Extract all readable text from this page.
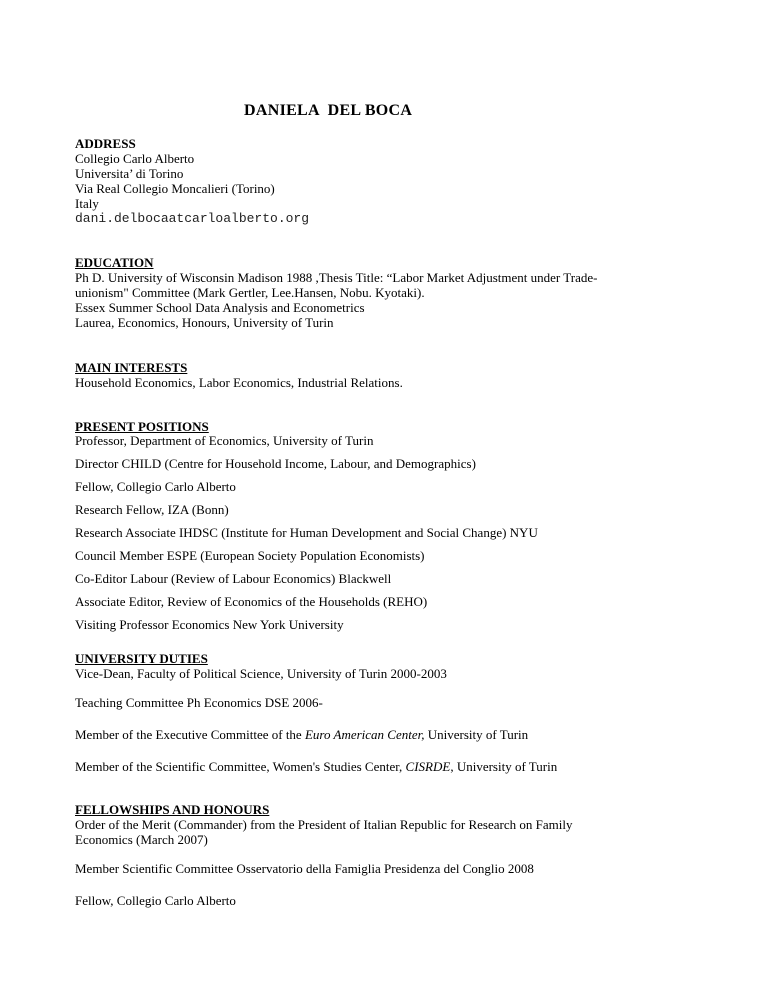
DANIELA  DEL BOCA
ADDRESS
Collegio Carlo Alberto
Universita’ di Torino
Via Real Collegio Moncalieri (Torino)
Italy
dani.delbocaatcarloalberto.org
EDUCATION
Ph D. University of Wisconsin Madison 1988 ,Thesis Title: “Labor Market Adjustment under Trade-
unionism" Committee (Mark Gertler, Lee.Hansen, Nobu. Kyotaki).
Essex Summer School Data Analysis and Econometrics
Laurea, Economics, Honours, University of Turin
MAIN INTERESTS
Household Economics, Labor Economics, Industrial Relations.
PRESENT POSITIONS
Professor, Department of Economics, University of Turin
Director CHILD (Centre for Household Income, Labour, and Demographics)
Fellow, Collegio Carlo Alberto
Research Fellow, IZA (Bonn)
Research Associate IHDSC (Institute for Human Development and Social Change) NYU
Council Member ESPE (European Society Population Economists)
Co-Editor Labour (Review of Labour Economics) Blackwell
Associate Editor, Review of Economics of the Households (REHO)
Visiting Professor Economics New York University
UNIVERSITY DUTIES
Vice-Dean, Faculty of Political Science, University of Turin 2000-2003
Teaching Committee Ph Economics DSE 2006-
Member of the Executive Committee of the Euro American Center, University of Turin
Member of the Scientific Committee, Women's Studies Center, CISRDE, University of Turin
FELLOWSHIPS AND HONOURS
Order of the Merit (Commander) from the President of Italian Republic for Research on Family
Economics (March 2007)
Member Scientific Committee Osservatorio della Famiglia Presidenza del Conglio 2008
Fellow, Collegio Carlo Alberto
